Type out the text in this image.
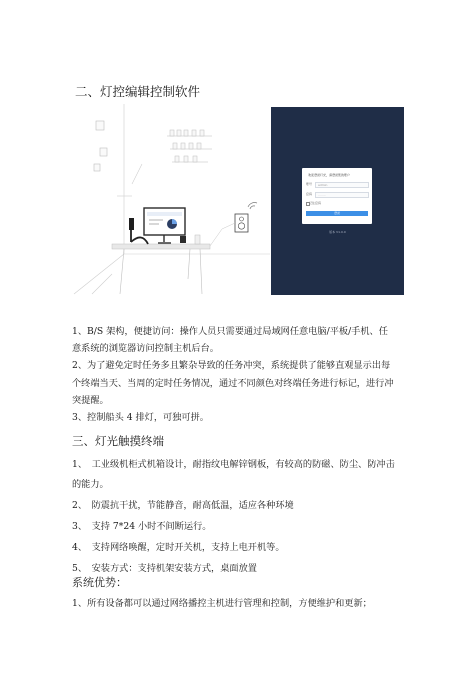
二、灯控编辑控制软件
欢迎登录灯光，请登录您的账户
账号 admin
密码 ········
记住密码
登录
版本 V1.0.0
1、B/S 架构，便捷访问：操作人员只需要通过局域网任意电脑/平板/手机、任
意系统的浏览器访问控制主机后台。
2、为了避免定时任务多且繁杂导致的任务冲突，系统提供了能够直观显示出每
个终端当天、当周的定时任务情况，通过不同颜色对终端任务进行标记，进行冲
突提醒。
3、控制船头 4 排灯，可独可拼。
三、灯光触摸终端
1、　工业级机柜式机箱设计，耐指纹电解锌钢板，有较高的防磁、防尘、防冲击
的能力。
2、　防震抗干扰，节能静音，耐高低温，适应各种环境
3、　支持 7*24 小时不间断运行。
4、　支持网络唤醒，定时开关机，支持上电开机等。
5、　安装方式：支持机架安装方式，桌面放置
系统优势：
1、所有设备都可以通过网络播控主机进行管理和控制，方便维护和更新；
